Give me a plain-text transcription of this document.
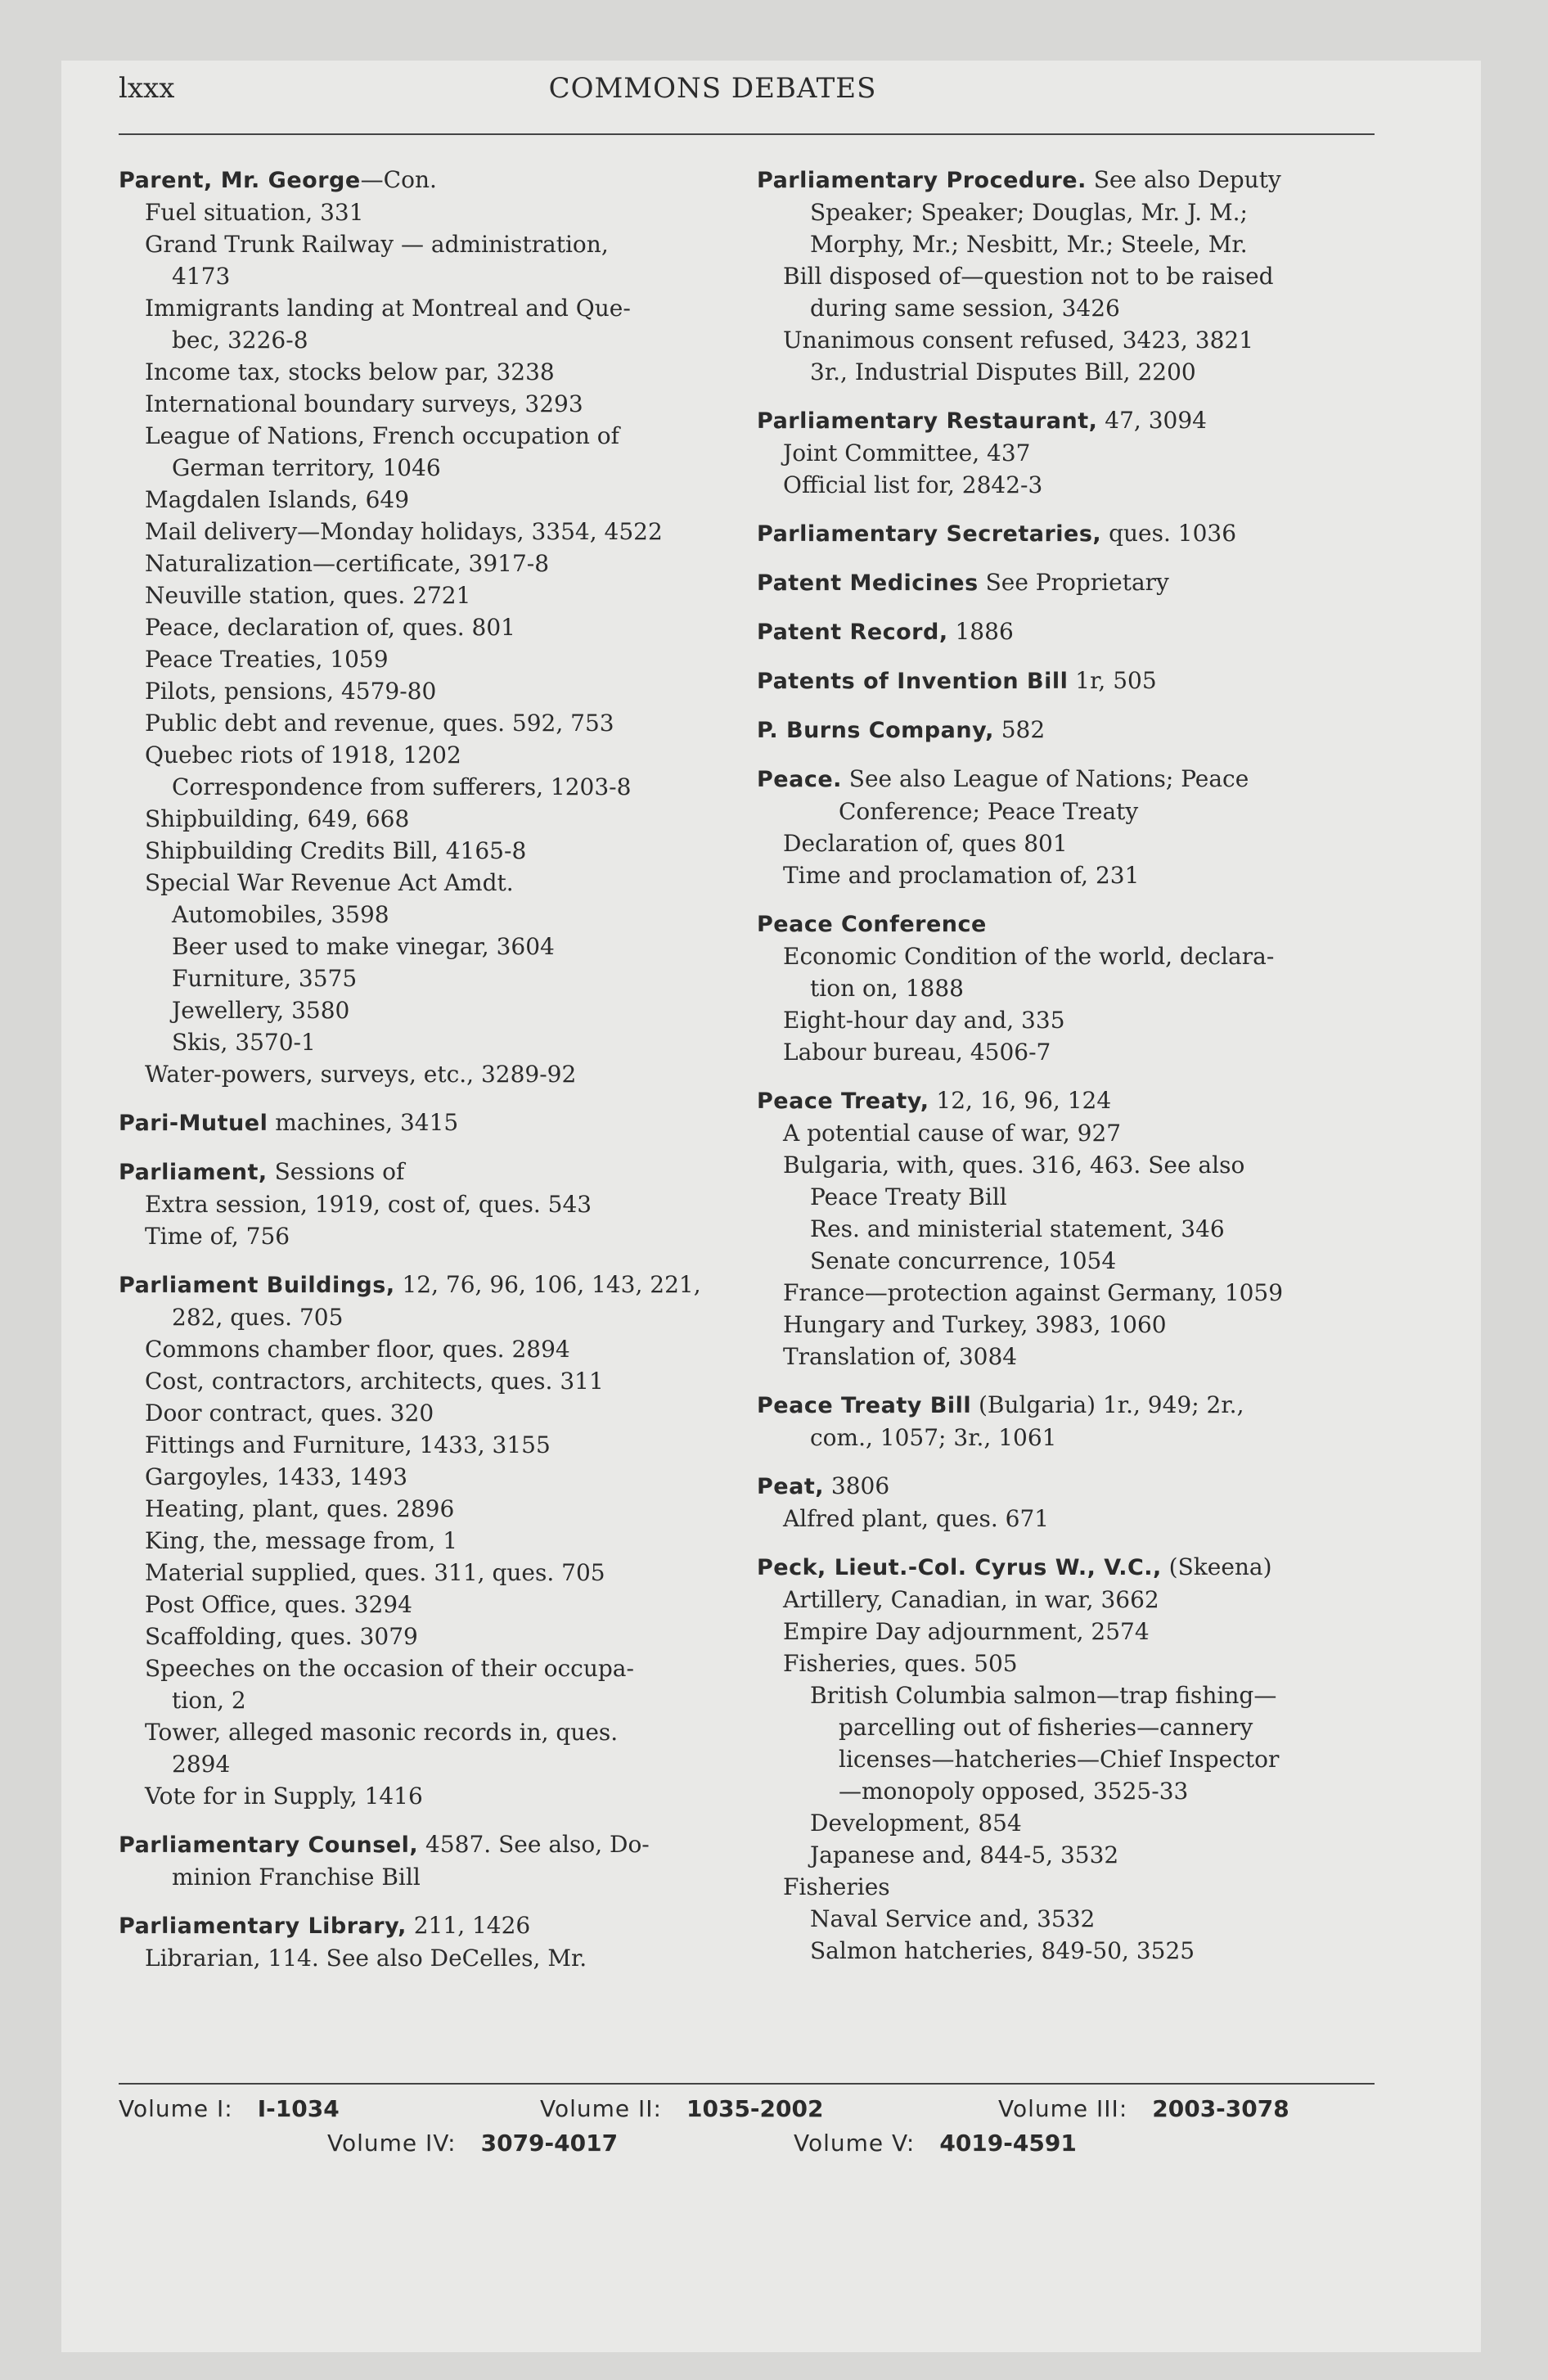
lxxx	COMMONS DEBATES
Parent, Mr. George—Con.
Fuel situation, 331
Grand Trunk Railway — administration,
4173
Immigrants landing at Montreal and Que-
bec, 3226-8
Income tax, stocks below par, 3238
International boundary surveys, 3293
League of Nations, French occupation of
German territory, 1046
Magdalen Islands, 649
Mail delivery—Monday holidays, 3354, 4522
Naturalization—certificate, 3917-8
Neuville station, ques. 2721
Peace, declaration of, ques. 801
Peace Treaties, 1059
Pilots, pensions, 4579-80
Public debt and revenue, ques. 592, 753
Quebec riots of 1918, 1202
Correspondence from sufferers, 1203-8
Shipbuilding, 649, 668
Shipbuilding Credits Bill, 4165-8
Special War Revenue Act Amdt.
Automobiles, 3598
Beer used to make vinegar, 3604
Furniture, 3575
Jewellery, 3580
Skis, 3570-1
Water-powers, surveys, etc., 3289-92
Pari-Mutuel machines, 3415
Parliament, Sessions of
Extra session, 1919, cost of, ques. 543
Time of, 756
Parliament Buildings, 12, 76, 96, 106, 143, 221,
282, ques. 705
Commons chamber floor, ques. 2894
Cost, contractors, architects, ques. 311
Door contract, ques. 320
Fittings and Furniture, 1433, 3155
Gargoyles, 1433, 1493
Heating, plant, ques. 2896
King, the, message from, 1
Material supplied, ques. 311, ques. 705
Post Office, ques. 3294
Scaffolding, ques. 3079
Speeches on the occasion of their occupa-
tion, 2
Tower, alleged masonic records in, ques.
2894
Vote for in Supply, 1416
Parliamentary Counsel, 4587. See also, Do-
minion Franchise Bill
Parliamentary Library, 211, 1426
Librarian, 114. See also DeCelles, Mr.
Parliamentary Procedure. See also Deputy
Speaker; Speaker; Douglas, Mr. J. M.;
Morphy, Mr.; Nesbitt, Mr.; Steele, Mr.
Bill disposed of—question not to be raised
during same session, 3426
Unanimous consent refused, 3423, 3821
3r., Industrial Disputes Bill, 2200
Parliamentary Restaurant, 47, 3094
Joint Committee, 437
Official list for, 2842-3
Parliamentary Secretaries, ques. 1036
Patent Medicines See Proprietary
Patent Record, 1886
Patents of Invention Bill 1r, 505
P. Burns Company, 582
Peace. See also League of Nations; Peace
Conference; Peace Treaty
Declaration of, ques 801
Time and proclamation of, 231
Peace Conference
Economic Condition of the world, declara-
tion on, 1888
Eight-hour day and, 335
Labour bureau, 4506-7
Peace Treaty, 12, 16, 96, 124
A potential cause of war, 927
Bulgaria, with, ques. 316, 463. See also
Peace Treaty Bill
Res. and ministerial statement, 346
Senate concurrence, 1054
France—protection against Germany, 1059
Hungary and Turkey, 3983, 1060
Translation of, 3084
Peace Treaty Bill (Bulgaria) 1r., 949; 2r.,
com., 1057; 3r., 1061
Peat, 3806
Alfred plant, ques. 671
Peck, Lieut.-Col. Cyrus W., V.C., (Skeena)
Artillery, Canadian, in war, 3662
Empire Day adjournment, 2574
Fisheries, ques. 505
British Columbia salmon—trap fishing—
parcelling out of fisheries—cannery
licenses—hatcheries—Chief Inspector
—monopoly opposed, 3525-33
Development, 854
Japanese and, 844-5, 3532
Fisheries
Naval Service and, 3532
Salmon hatcheries, 849-50, 3525
Volume I: I-1034	Volume II: 1035-2002	Volume III: 2003-3078
Volume IV: 3079-4017	Volume V: 4019-4591
